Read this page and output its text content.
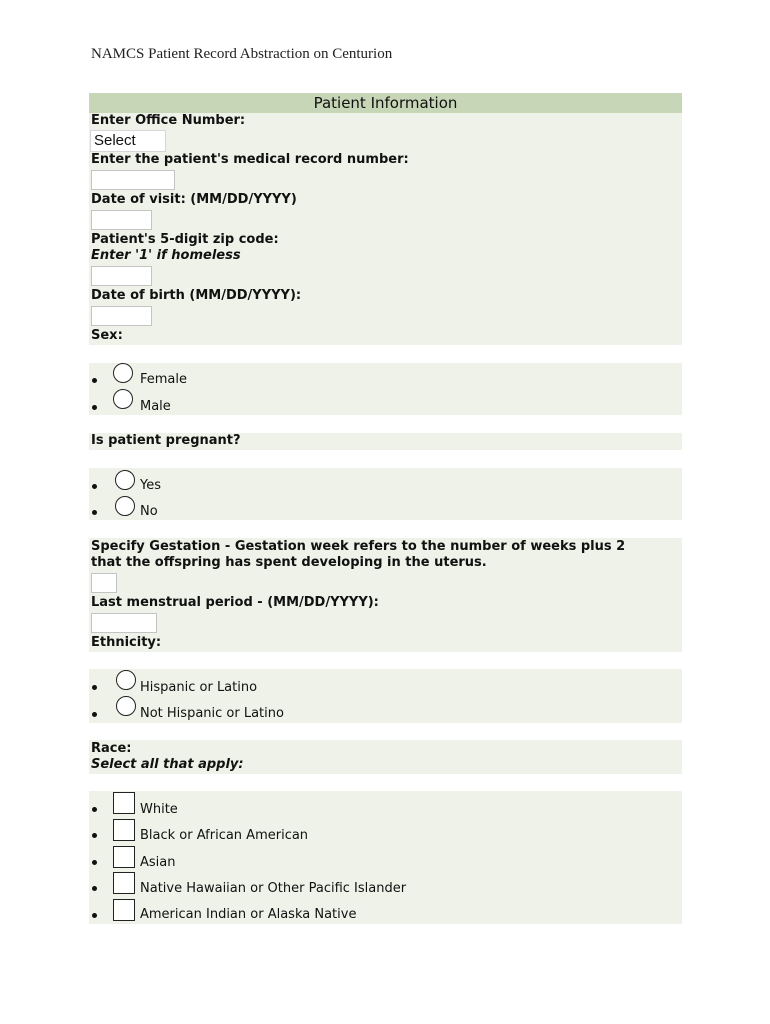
NAMCS Patient Record Abstraction on Centurion
Patient Information
Enter Office Number:
Select
Enter the patient's medical record number:
Date of visit: (MM/DD/YYYY)
Patient's 5-digit zip code:
Enter '1' if homeless
Date of birth (MM/DD/YYYY):
Sex:
Female
Male
Is patient pregnant?
Yes
No
Specify Gestation - Gestation week refers to the number of weeks plus 2 that the offspring has spent developing in the uterus.
Last menstrual period - (MM/DD/YYYY):
Ethnicity:
Hispanic or Latino
Not Hispanic or Latino
Race:
Select all that apply:
White
Black or African American
Asian
Native Hawaiian or Other Pacific Islander
American Indian or Alaska Native
